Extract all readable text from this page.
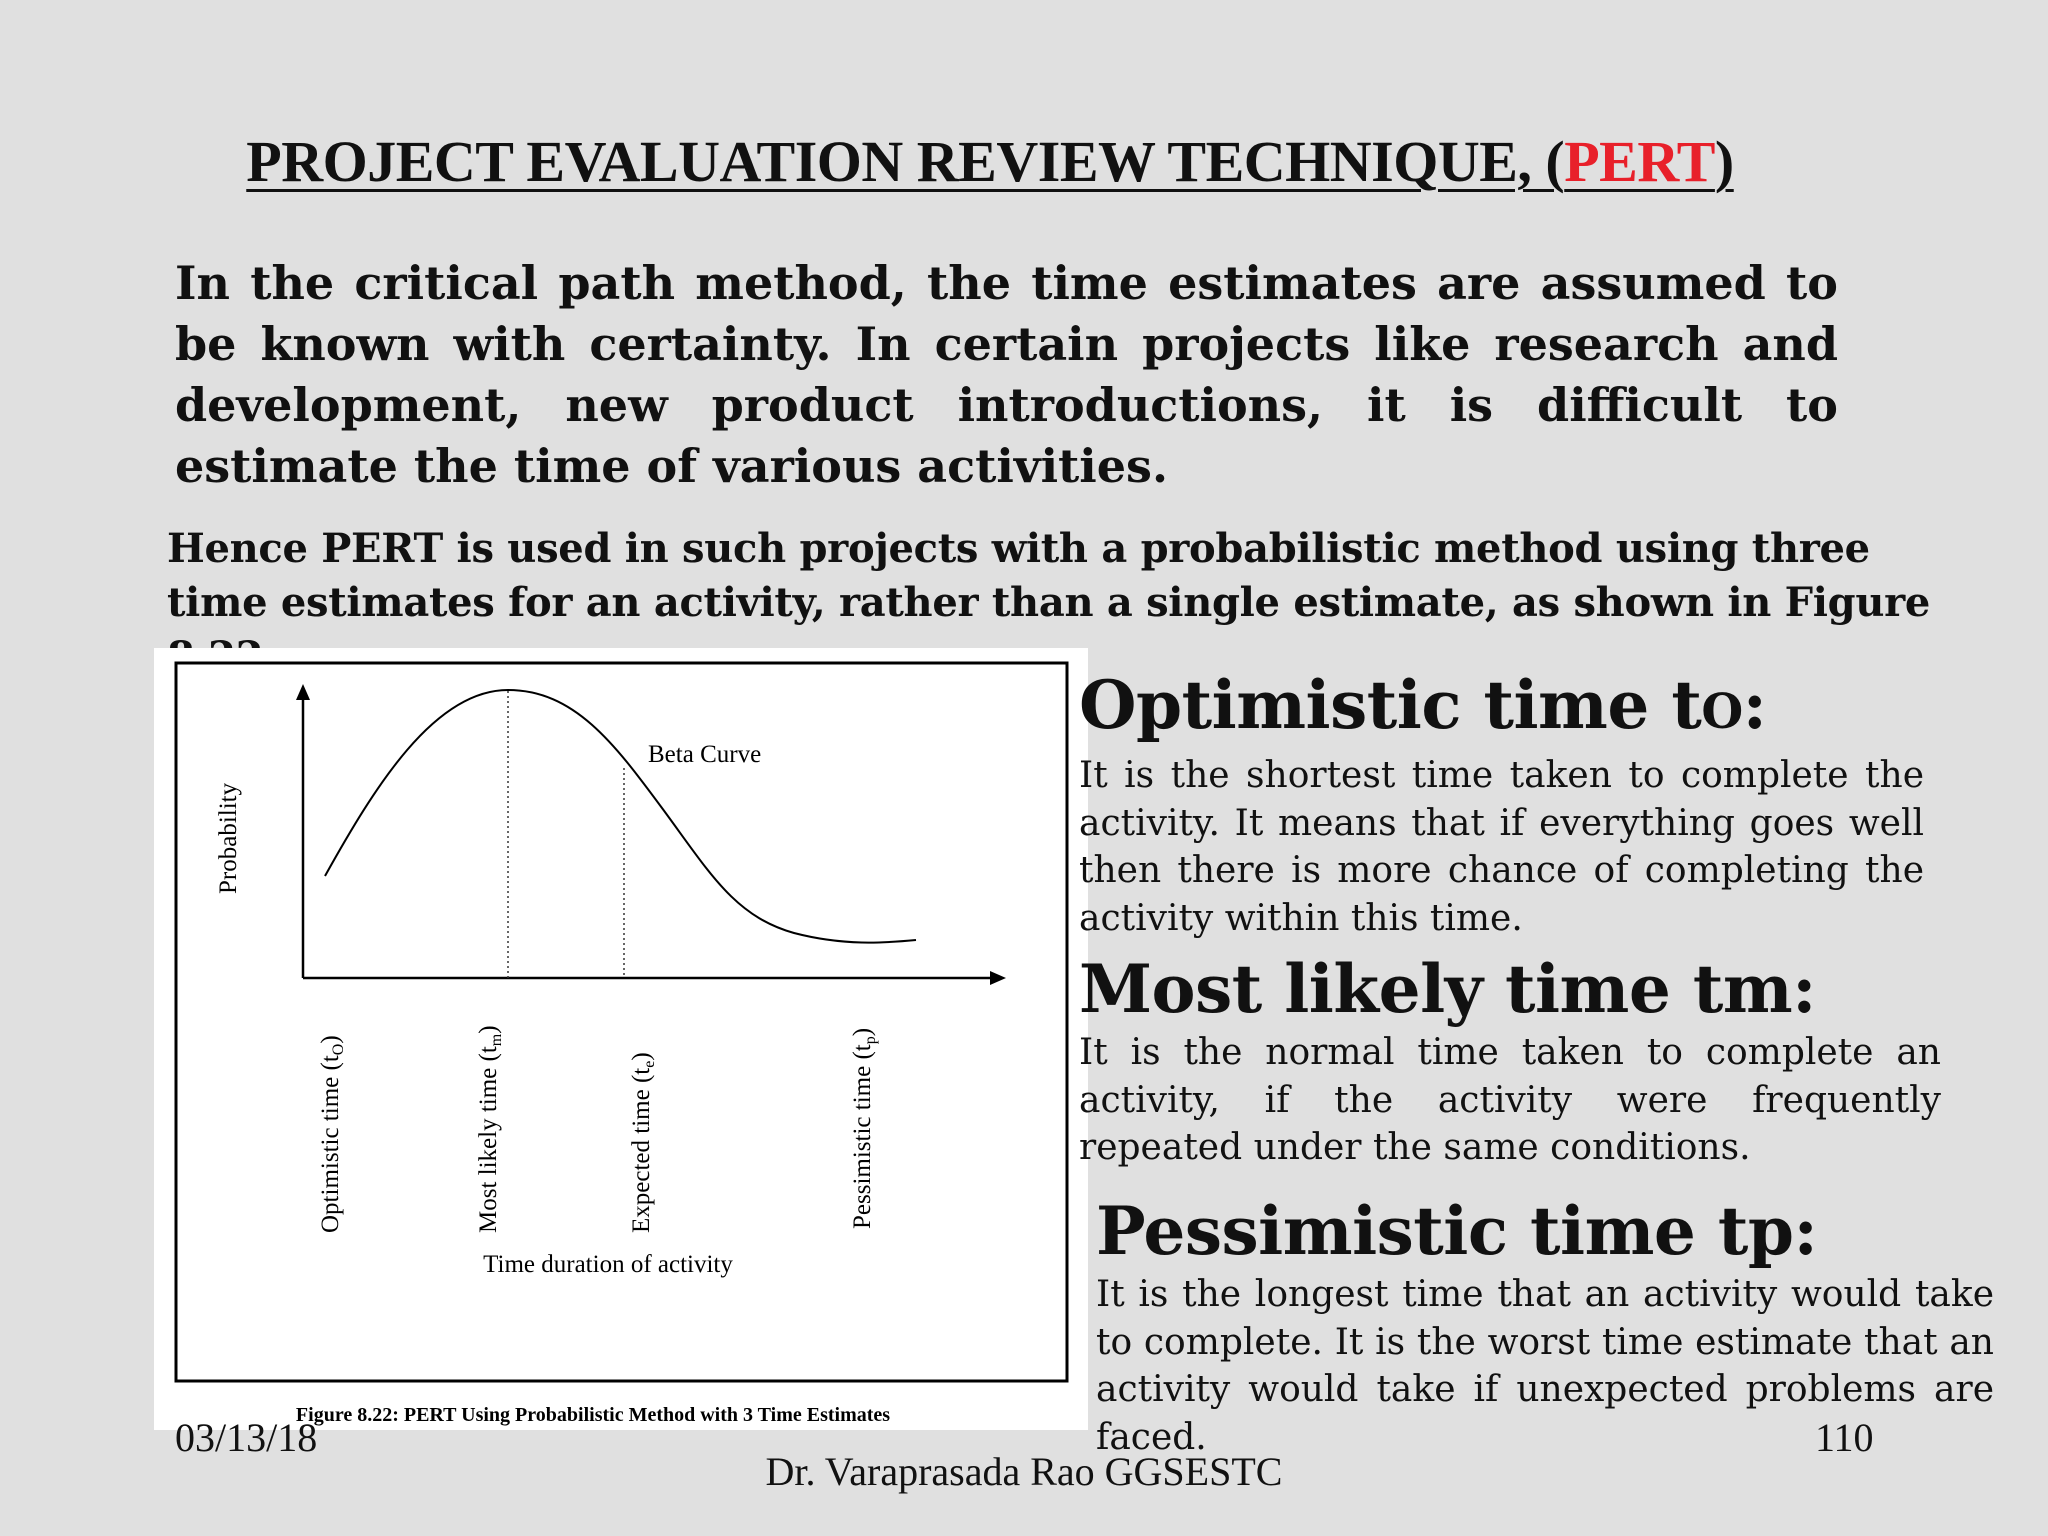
PROJECT EVALUATION REVIEW TECHNIQUE, (PERT)
In the critical path method, the time estimates are assumed to be known with certainty. In certain projects like research and development, new product introductions, it is difficult to estimate the time of various activities.
Hence PERT is used in such projects with a probabilistic method using three time estimates for an activity, rather than a single estimate, as shown in Figure
Beta Curve
Probability
Optimistic time $(t_O)$
Most likely time $(t_m)$
Expected time $(t_e)$	Pessimistic time $(t_p)$
Time duration of activity
Figure 8.22: PERT Using Probabilistic Method with 3 Time Estimates
Optimistic time tO:

It is the shortest time taken to complete the activity. It means that if everything goes well then there is more chance of completing the activity within this time.

Most likely time tm:

It is the normal time taken to complete an activity, if the activity were frequently repeated under the same conditions.

Pessimistic time tp:

It is the longest time that an activity would take to complete. It is the worst time estimate that an activity would take if unexpected problems are faced.

03/13/18
Dr. Varaprasada Rao GGSESTC
110
